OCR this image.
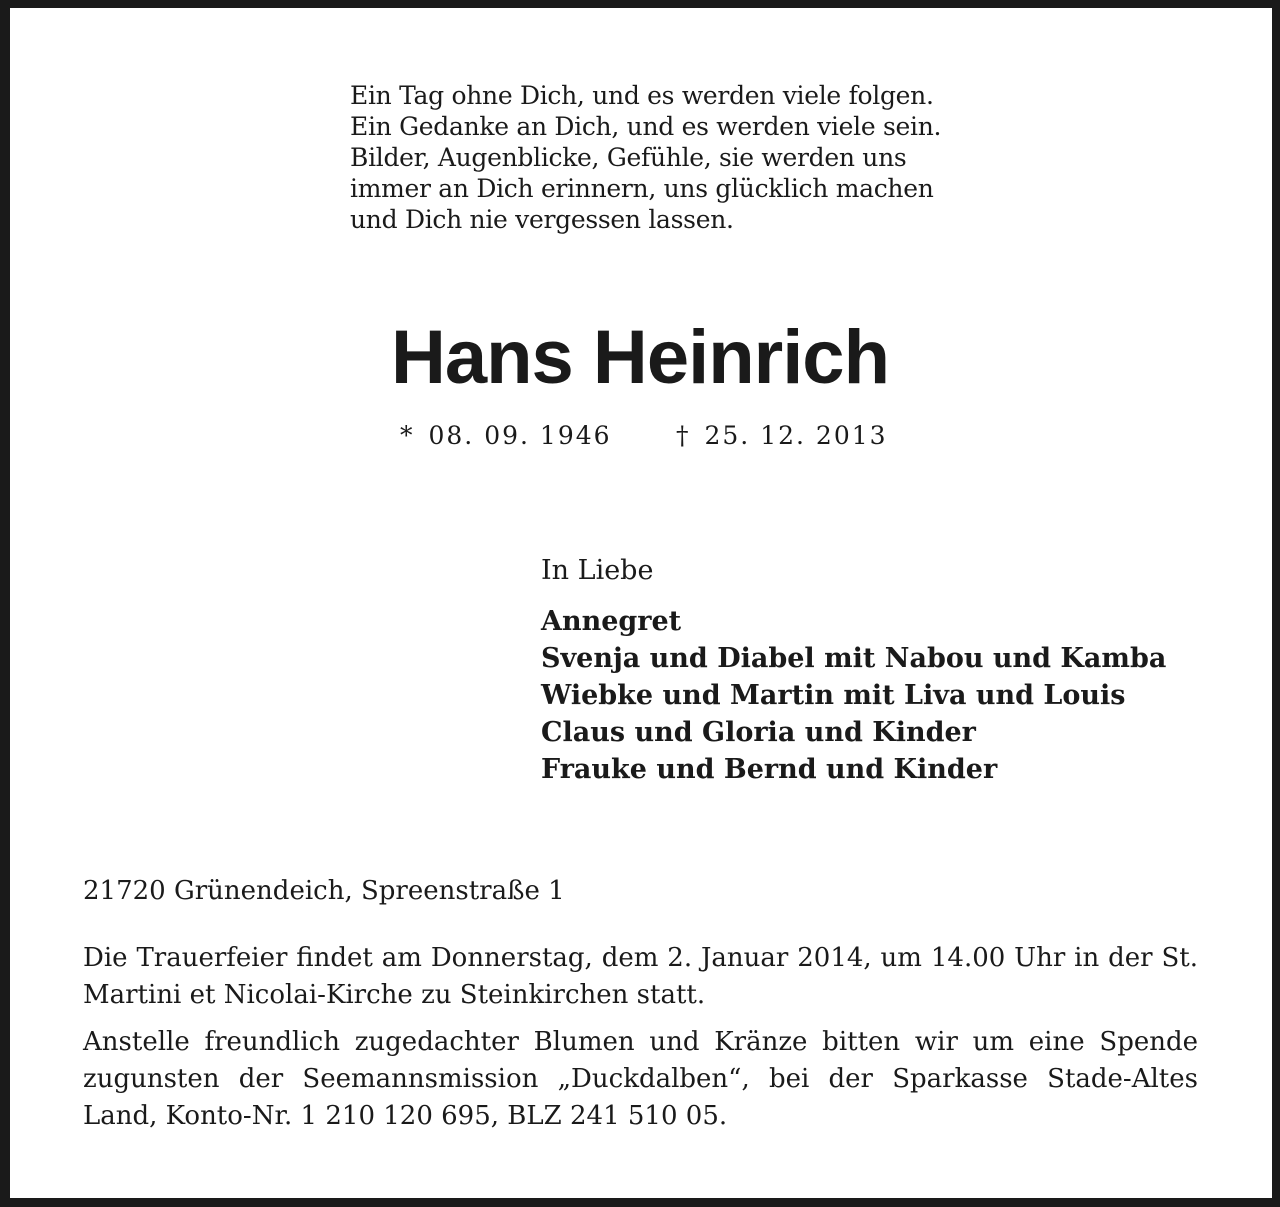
Ein Tag ohne Dich, und es werden viele folgen.
Ein Gedanke an Dich, und es werden viele sein.
Bilder, Augenblicke, Gefühle, sie werden uns
immer an Dich erinnern, uns glücklich machen
und Dich nie vergessen lassen.
Hans Heinrich
* 08. 09. 1946	† 25. 12. 2013
In Liebe
Annegret
Svenja und Diabel mit Nabou und Kamba
Wiebke und Martin mit Liva und Louis
Claus und Gloria und Kinder
Frauke und Bernd und Kinder
21720 Grünendeich, Spreenstraße 1
Die Trauerfeier findet am Donnerstag, dem 2. Januar 2014, um 14.00 Uhr in der St. Martini et Nicolai-Kirche zu Steinkirchen statt.
Anstelle freundlich zugedachter Blumen und Kränze bitten wir um eine Spende zugunsten der Seemannsmission „Duckdalben“, bei der Sparkasse Stade-Altes Land, Konto-Nr. 1 210 120 695, BLZ 241 510 05.
